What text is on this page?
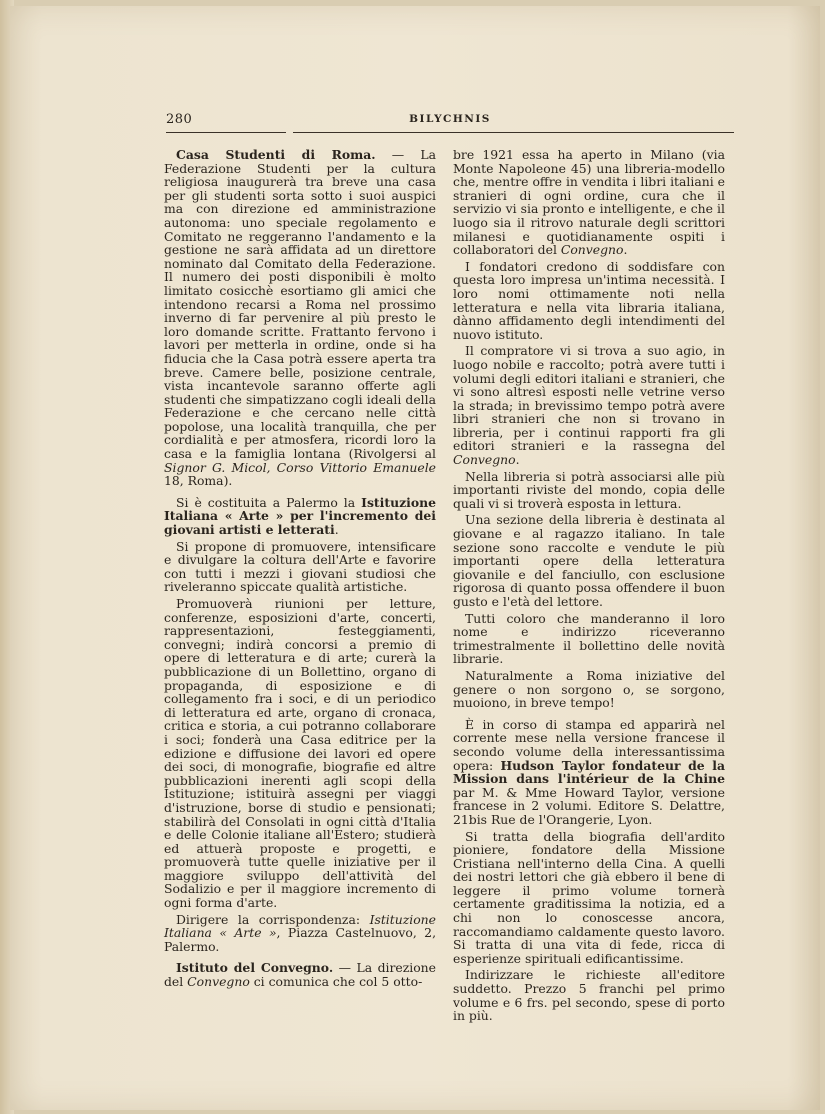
280	BILYCHNIS

Casa Studenti di Roma. — La Federazione Studenti per la cultura religiosa inaugurerà tra breve una casa per gli studenti sorta sotto i suoi auspici ma con direzione ed amministrazione autonoma: uno speciale regolamento e Comitato ne reggeranno l'andamento e la gestione ne sarà affidata ad un direttore nominato dal Comitato della Federazione. Il numero dei posti disponibili è molto limitato cosicchè esortiamo gli amici che intendono recarsi a Roma nel prossimo inverno di far pervenire al più presto le loro domande scritte. Frattanto fervono i lavori per metterla in ordine, onde si ha fiducia che la Casa potrà essere aperta tra breve. Camere belle, posizione centrale, vista incantevole saranno offerte agli studenti che simpatizzano cogli ideali della Federazione e che cercano nelle città popolose, una località tranquilla, che per cordialità e per atmosfera, ricordi loro la casa e la famiglia lontana (Rivolgersi al Signor G. Micol, Corso Vittorio Emanuele 18, Roma).

Si è costituita a Palermo la Istituzione Italiana « Arte » per l'incremento dei giovani artisti e letterati.

Si propone di promuovere, intensificare e divulgare la coltura dell'Arte e favorire con tutti i mezzi i giovani studiosi che riveleranno spiccate qualità artistiche.

Promuoverà riunioni per letture, conferenze, esposizioni d'arte, concerti, rappresentazioni, festeggiamenti, convegni; indirà concorsi a premio di opere di letteratura e di arte; curerà la pubblicazione di un Bollettino, organo di propaganda, di esposizione e di collegamento fra i soci, e di un periodico di letteratura ed arte, organo di cronaca, critica e storia, a cui potranno collaborare i soci; fonderà una Casa editrice per la edizione e diffusione dei lavori ed opere dei soci, di monografie, biografie ed altre pubblicazioni inerenti agli scopi della Istituzione; istituirà assegni per viaggi d'istruzione, borse di studio e pensionati; stabilirà del Consolati in ogni città d'Italia e delle Colonie italiane all'Estero; studierà ed attuerà proposte e progetti, e promuoverà tutte quelle iniziative per il maggiore sviluppo dell'attività del Sodalizio e per il maggiore incremento di ogni forma d'arte.

Dirigere la corrispondenza: Istituzione Italiana « Arte », Piazza Castelnuovo, 2, Palermo.

Istituto del Convegno. — La direzione del Convegno ci comunica che col 5 otto-

bre 1921 essa ha aperto in Milano (via Monte Napoleone 45) una libreria-modello che, mentre offre in vendita i libri italiani e stranieri di ogni ordine, cura che il servizio vi sia pronto e intelligente, e che il luogo sia il ritrovo naturale degli scrittori milanesi e quotidianamente ospiti i collaboratori del Convegno.

I fondatori credono di soddisfare con questa loro impresa un'intima necessità. I loro nomi ottimamente noti nella letteratura e nella vita libraria italiana, dànno affidamento degli intendimenti del nuovo istituto.

Il compratore vi si trova a suo agio, in luogo nobile e raccolto; potrà avere tutti i volumi degli editori italiani e stranieri, che vi sono altresì esposti nelle vetrine verso la strada; in brevissimo tempo potrà avere libri stranieri che non si trovano in libreria, per i continui rapporti fra gli editori stranieri e la rassegna del Convegno.

Nella libreria si potrà associarsi alle più importanti riviste del mondo, copia delle quali vi si troverà esposta in lettura.

Una sezione della libreria è destinata al giovane e al ragazzo italiano. In tale sezione sono raccolte e vendute le più importanti opere della letteratura giovanile e del fanciullo, con esclusione rigorosa di quanto possa offendere il buon gusto e l'età del lettore.

Tutti coloro che manderanno il loro nome e indirizzo riceveranno trimestralmente il bollettino delle novità librarie.

Naturalmente a Roma iniziative del genere o non sorgono o, se sorgono, muoiono, in breve tempo!

È in corso di stampa ed apparirà nel corrente mese nella versione francese il secondo volume della interessantissima opera: Hudson Taylor fondateur de la Mission dans l'intérieur de la Chine par M. & Mme Howard Taylor, versione francese in 2 volumi. Editore S. Delattre, 21bis Rue de l'Orangerie, Lyon.

Si tratta della biografia dell'ardito pioniere, fondatore della Missione Cristiana nell'interno della Cina. A quelli dei nostri lettori che già ebbero il bene di leggere il primo volume tornerà certamente graditissima la notizia, ed a chi non lo conoscesse ancora, raccomandiamo caldamente questo lavoro. Si tratta di una vita di fede, ricca di esperienze spirituali edificantissime.

Indirizzare le richieste all'editore suddetto. Prezzo 5 franchi pel primo volume e 6 frs. pel secondo, spese di porto in più.
